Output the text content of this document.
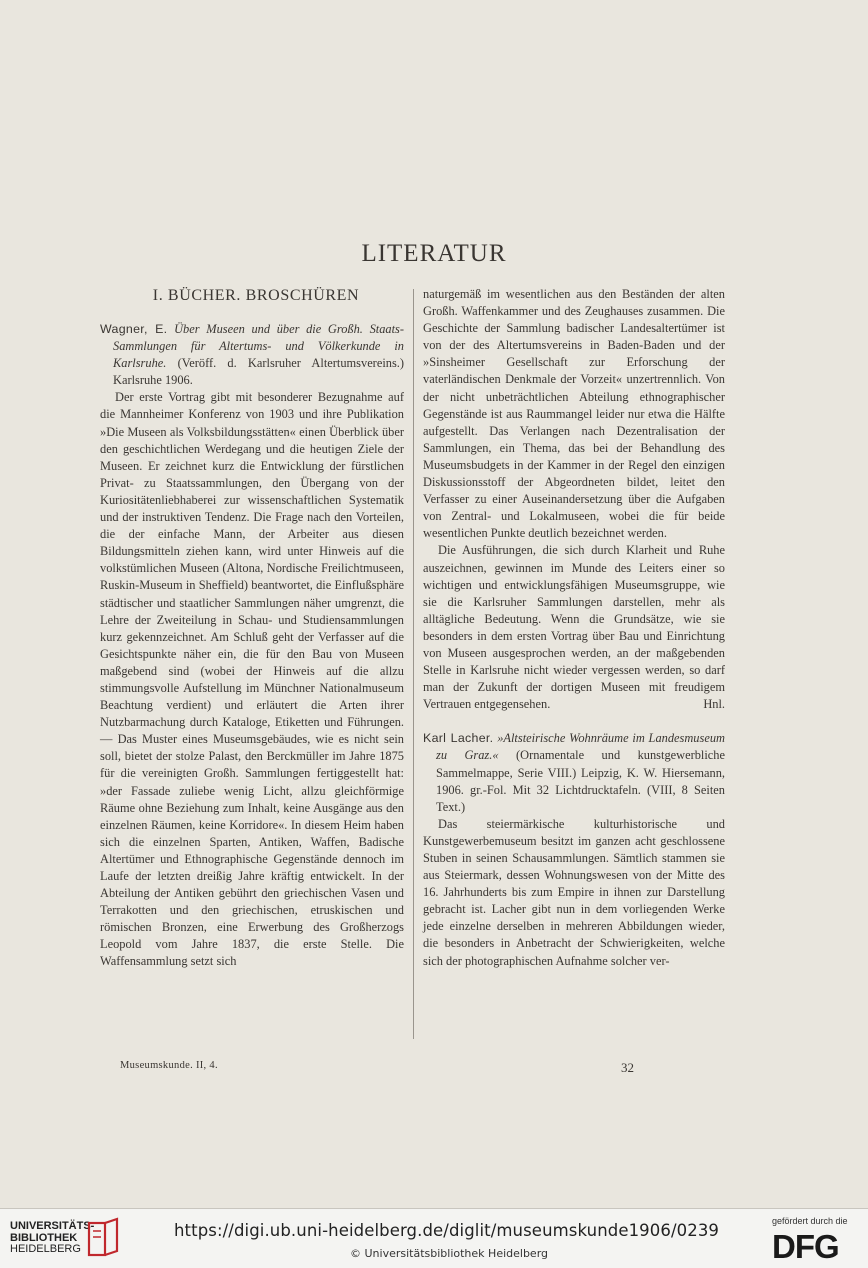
LITERATUR
I. BÜCHER. BROSCHÜREN

Wagner, E. Über Museen und über die Großh. Staats-Sammlungen für Altertums- und Völkerkunde in Karlsruhe. (Veröff. d. Karlsruher Altertumsvereins.) Karlsruhe 1906.

Der erste Vortrag gibt mit besonderer Bezugnahme auf die Mannheimer Konferenz von 1903 und ihre Publikation »Die Museen als Volksbildungsstätten« einen Überblick über den geschichtlichen Werdegang und die heutigen Ziele der Museen. Er zeichnet kurz die Entwicklung der fürstlichen Privat- zu Staatssammlungen, den Übergang von der Kuriositätenliebhaberei zur wissenschaftlichen Systematik und der instruktiven Tendenz. Die Frage nach den Vorteilen, die der einfache Mann, der Arbeiter aus diesen Bildungsmitteln ziehen kann, wird unter Hinweis auf die volkstümlichen Museen (Altona, Nordische Freilichtmuseen, Ruskin-Museum in Sheffield) beantwortet, die Einflußsphäre städtischer und staatlicher Sammlungen näher umgrenzt, die Lehre der Zweiteilung in Schau- und Studiensammlungen kurz gekennzeichnet. Am Schluß geht der Verfasser auf die Gesichtspunkte näher ein, die für den Bau von Museen maßgebend sind (wobei der Hinweis auf die allzu stimmungsvolle Aufstellung im Münchner Nationalmuseum Beachtung verdient) und erläutert die Arten ihrer Nutzbarmachung durch Kataloge, Etiketten und Führungen. — Das Muster eines Museumsgebäudes, wie es nicht sein soll, bietet der stolze Palast, den Berckmüller im Jahre 1875 für die vereinigten Großh. Sammlungen fertiggestellt hat: »der Fassade zuliebe wenig Licht, allzu gleichförmige Räume ohne Beziehung zum Inhalt, keine Ausgänge aus den einzelnen Räumen, keine Korridore«. In diesem Heim haben sich die einzelnen Sparten, Antiken, Waffen, Badische Altertümer und Ethnographische Gegenstände dennoch im Laufe der letzten dreißig Jahre kräftig entwickelt. In der Abteilung der Antiken gebührt den griechischen Vasen und Terrakotten und den griechischen, etruskischen und römischen Bronzen, eine Erwerbung des Großherzogs Leopold vom Jahre 1837, die erste Stelle. Die Waffensammlung setzt sich

naturgemäß im wesentlichen aus den Beständen der alten Großh. Waffenkammer und des Zeughauses zusammen. Die Geschichte der Sammlung badischer Landesaltertümer ist von der des Altertumsvereins in Baden-Baden und der »Sinsheimer Gesellschaft zur Erforschung der vaterländischen Denkmale der Vorzeit« unzertrennlich. Von der nicht unbeträchtlichen Abteilung ethnographischer Gegenstände ist aus Raummangel leider nur etwa die Hälfte aufgestellt. Das Verlangen nach Dezentralisation der Sammlungen, ein Thema, das bei der Behandlung des Museumsbudgets in der Kammer in der Regel den einzigen Diskussionsstoff der Abgeordneten bildet, leitet den Verfasser zu einer Auseinandersetzung über die Aufgaben von Zentral- und Lokalmuseen, wobei die für beide wesentlichen Punkte deutlich bezeichnet werden.

Die Ausführungen, die sich durch Klarheit und Ruhe auszeichnen, gewinnen im Munde des Leiters einer so wichtigen und entwicklungsfähigen Museumsgruppe, wie sie die Karlsruher Sammlungen darstellen, mehr als alltägliche Bedeutung. Wenn die Grundsätze, wie sie besonders in dem ersten Vortrag über Bau und Einrichtung von Museen ausgesprochen werden, an der maßgebenden Stelle in Karlsruhe nicht wieder vergessen werden, so darf man der Zukunft der dortigen Museen mit freudigem Vertrauen entgegensehen.	Hnl.

Karl Lacher. »Altsteirische Wohnräume im Landesmuseum zu Graz.« (Ornamentale und kunstgewerbliche Sammelmappe, Serie VIII.) Leipzig, K. W. Hiersemann, 1906. gr.-Fol. Mit 32 Lichtdrucktafeln. (VIII, 8 Seiten Text.)

Das steiermärkische kulturhistorische und Kunstgewerbemuseum besitzt im ganzen acht geschlossene Stuben in seinen Schausammlungen. Sämtlich stammen sie aus Steiermark, dessen Wohnungswesen von der Mitte des 16. Jahrhunderts bis zum Empire in ihnen zur Darstellung gebracht ist. Lacher gibt nun in dem vorliegenden Werke jede einzelne derselben in mehreren Abbildungen wieder, die besonders in Anbetracht der Schwierigkeiten, welche sich der photographischen Aufnahme solcher ver-

Museumskunde. II, 4.	32
UNIVERSITÄTS-
BIBLIOTHEK
HEIDELBERG
https://digi.ub.uni-heidelberg.de/diglit/museumskunde1906/0239
© Universitätsbibliothek Heidelberg
gefördert durch die
DFG
